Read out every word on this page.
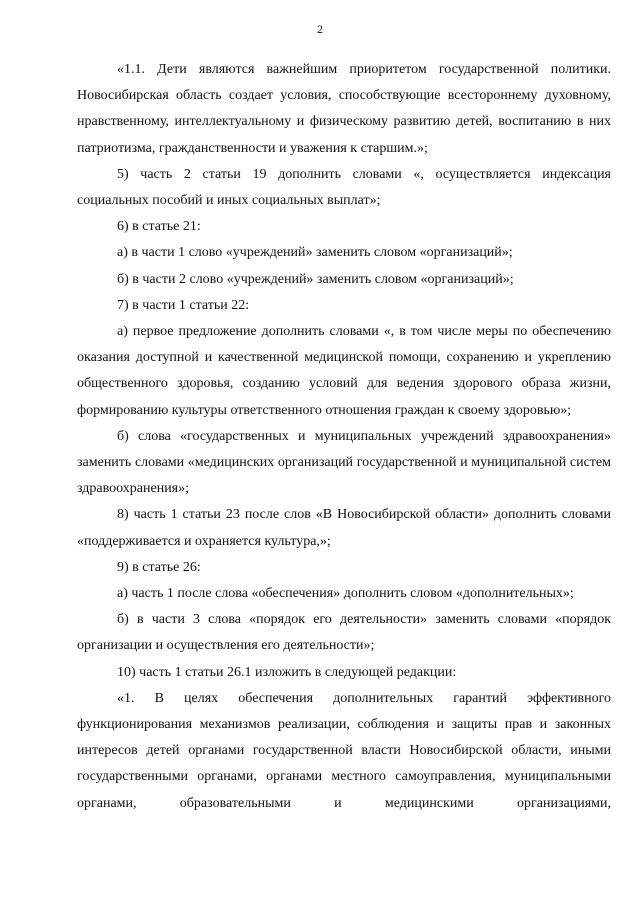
2

«1.1. Дети являются важнейшим приоритетом государственной политики. Новосибирская область создает условия, способствующие всестороннему духовному, нравственному, интеллектуальному и физическому развитию детей, воспитанию в них патриотизма, гражданственности и уважения к старшим.»;

5) часть 2 статьи 19 дополнить словами «, осуществляется индексация социальных пособий и иных социальных выплат»;

6) в статье 21:

а) в части 1 слово «учреждений» заменить словом «организаций»;

б) в части 2 слово «учреждений» заменить словом «организаций»;

7) в части 1 статьи 22:

а) первое предложение дополнить словами «, в том числе меры по обеспечению оказания доступной и качественной медицинской помощи, сохранению и укреплению общественного здоровья, созданию условий для ведения здорового образа жизни, формированию культуры ответственного отношения граждан к своему здоровью»;

б) слова «государственных и муниципальных учреждений здравоохранения» заменить словами «медицинских организаций государственной и муниципальной систем здравоохранения»;

8) часть 1 статьи 23 после слов «В Новосибирской области» дополнить словами «поддерживается и охраняется культура,»;

9) в статье 26:

а) часть 1 после слова «обеспечения» дополнить словом «дополнительных»;

б) в части 3 слова «порядок его деятельности» заменить словами «порядок организации и осуществления его деятельности»;

10) часть 1 статьи 26.1 изложить в следующей редакции:

«1. В целях обеспечения дополнительных гарантий эффективного функционирования механизмов реализации, соблюдения и защиты прав и законных интересов детей органами государственной власти Новосибирской области, иными государственными органами, органами местного самоуправления, муниципальными органами, образовательными и медицинскими организациями,
